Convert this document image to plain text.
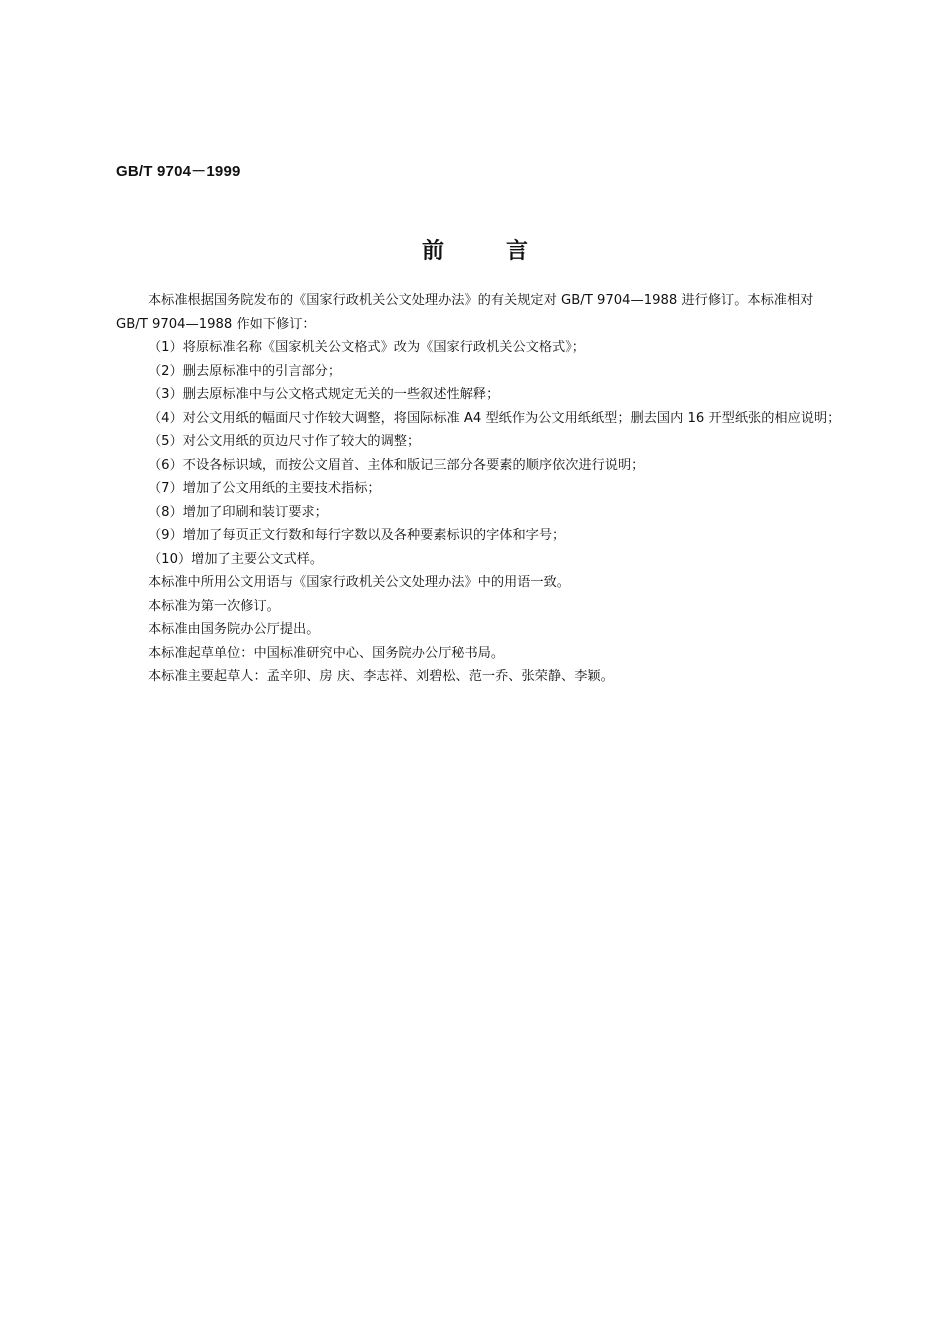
GB/T 9704－1999
前言

本标准根据国务院发布的《国家行政机关公文处理办法》的有关规定对 GB/T 9704—1988 进行修订。本标准相对 GB/T 9704—1988 作如下修订：

（1）将原标准名称《国家机关公文格式》改为《国家行政机关公文格式》；

（2）删去原标准中的引言部分；

（3）删去原标准中与公文格式规定无关的一些叙述性解释；

（4）对公文用纸的幅面尺寸作较大调整，将国际标准 A4 型纸作为公文用纸纸型；删去国内 16 开型纸张的相应说明；

（5）对公文用纸的页边尺寸作了较大的调整；

（6）不设各标识域，而按公文眉首、主体和版记三部分各要素的顺序依次进行说明；

（7）增加了公文用纸的主要技术指标；

（8）增加了印刷和装订要求；

（9）增加了每页正文行数和每行字数以及各种要素标识的字体和字号；

（10）增加了主要公文式样。

本标准中所用公文用语与《国家行政机关公文处理办法》中的用语一致。

本标准为第一次修订。

本标准由国务院办公厅提出。

本标准起草单位：中国标准研究中心、国务院办公厅秘书局。

本标准主要起草人：孟辛卯、房 庆、李志祥、刘碧松、范一乔、张荣静、李颖。
